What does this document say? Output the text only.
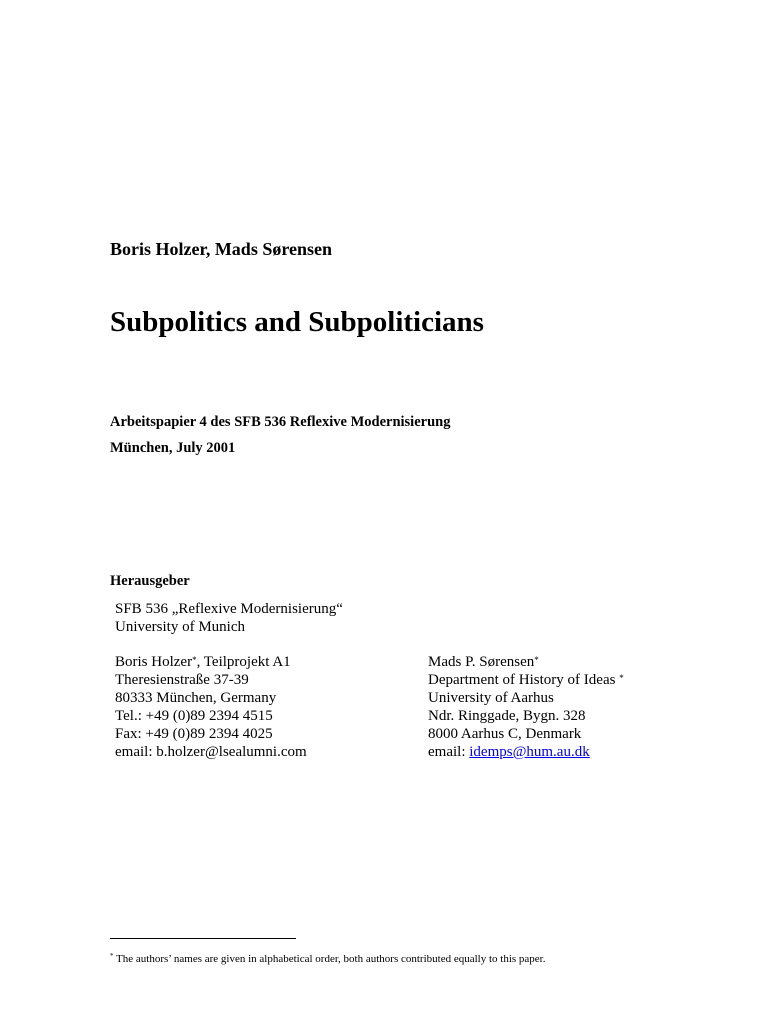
Boris Holzer, Mads Sørensen
Subpolitics and Subpoliticians
Arbeitspapier 4 des SFB 536 Reflexive Modernisierung
München, July 2001
Herausgeber
SFB 536 „Reflexive Modernisierung“
University of Munich
Boris Holzer*, Teilprojekt A1
Theresienstraße 37-39
80333 München, Germany
Tel.: +49 (0)89 2394 4515
Fax: +49 (0)89 2394 4025
email: b.holzer@lsealumni.com
Mads P. Sørensen*
Department of History of Ideas *
University of Aarhus
Ndr. Ringgade, Bygn. 328
8000 Aarhus C, Denmark
email: idemps@hum.au.dk
* The authors’ names are given in alphabetical order, both authors contributed equally to this paper.
